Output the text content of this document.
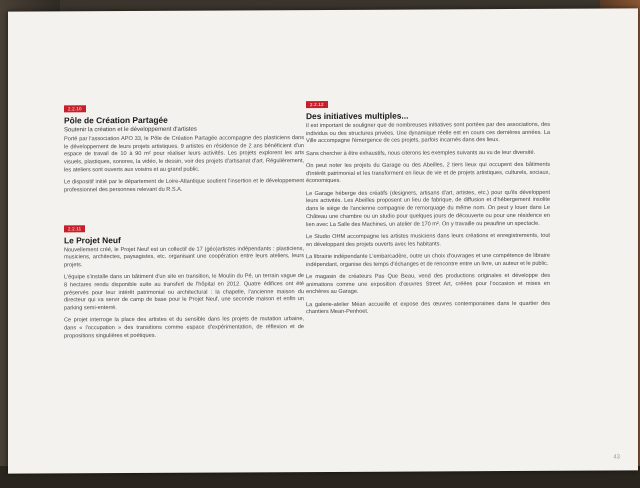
2.2.10
Pôle de Création Partagée
Soutenir la création et le développement d'artistes

Porté par l'association APO 33, le Pôle de Création Partagée accompagne des plasticiens dans le développement de leurs projets artistiques. 9 artistes en résidence de 2 ans bénéficient d'un espace de travail de 10 à 90 m² pour réaliser leurs activités. Les projets explorent les arts visuels, plastiques, sonores, la vidéo, le dessin, voir des projets d'artisanat d'art. Régulièrement, les ateliers sont ouverts aux voisins et au grand public.

Le dispositif initié par le département de Loire-Atlantique soutient l'insertion et le développement professionnel des personnes relevant du R.S.A.

2.2.11
Le Projet Neuf

Nouvellement créé, le Projet Neuf est un collectif de 17 (géo)artistes indépendants : plasticiens, musiciens, architectes, paysagistes, etc. organisant une coopération entre leurs ateliers, leurs projets.

L'équipe s'installe dans un bâtiment d'un site en transition, le Moulin du Pé, un terrain vague de 8 hectares rendu disponible suite au transfert de l'hôpital en 2012. Quatre édifices ont été préservés pour leur intérêt patrimonial ou architectural : la chapelle, l'ancienne maison du directeur qui va servir de camp de base pour le Projet Neuf, une seconde maison et enfin un parking semi-enterré.

Ce projet interroge la place des artistes et du sensible dans les projets de mutation urbaine, dans « l'occupation » des transitions comme espace d'expérimentation, de réflexion et de propositions singulières et poétiques.

2.2.12
Des initiatives multiples...

Il est important de souligner que de nombreuses initiatives sont portées par des associations, des individus ou des structures privées. Une dynamique réelle est en cours ces dernières années. La Ville accompagne l'émergence de ces projets, parfois incarnés dans des lieux.

Sans chercher à être exhaustifs, nous citerons les exemples suivants au vu de leur diversité.

On peut noter les projets du Garage ou des Abeilles, 2 tiers lieux qui occupent des bâtiments d'intérêt patrimonial et les transforment en lieux de vie et de projets artistiques, culturels, sociaux, économiques.

Le Garage héberge des créatifs (designers, artisans d'art, artistes, etc.) pour qu'ils développent leurs activités. Les Abeilles proposent un lieu de fabrique, de diffusion et d'hébergement insolite dans le siège de l'ancienne compagnie de remorquage du même nom. On peut y louer dans Le Château une chambre ou un studio pour quelques jours de découverte ou pour une résidence en lien avec La Salle des Machines, un atelier de 170 m². On y travaille ou peaufine un spectacle.

Le Studio OHM accompagne les artistes musiciens dans leurs créations et enregistrements, tout en développant des projets ouverts avec les habitants.

La librairie indépendante L'embarcadère, outre un choix d'ouvrages et une compétence de libraire indépendant, organise des temps d'échanges et de rencontre entre un livre, un auteur et le public.

Le magasin de créateurs Pas Que Beau, vend des productions originales et développe des animations comme une exposition d'œuvres Street Art, créées pour l'occasion et mises en enchères au Garage.

La galerie-atelier Méan accueille et expose des œuvres contemporaines dans le quartier des chantiers Mean-Penhoet.

43
